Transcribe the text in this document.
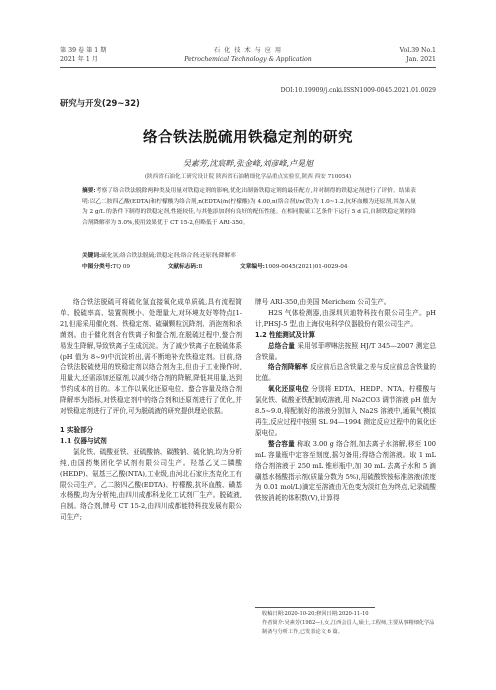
第 39 卷 第 1 期
2021 年 1 月
石 化 技 术 与 应 用
Petrochemical Technology & Application
Vol.39 No.1
Jan. 2021
DOI:10.19909/j.cnki.ISSN1009-0045.2021.01.0029
研究与开发(29~32)
络合铁法脱硫用铁稳定剂的研究
吴素芳,沈宸畔,张金峰,刘彦峰,卢晃旭
(陕西省石油化工研究设计院 陕西省石油精细化学品重点实验室,陕西 西安 710054)
摘要:考察了络合铁法脱除两种类及用量对铁稳定剂的影响,优化出制备铁稳定剂的最佳配方,并对制得的铁稳定剂进行了评价。结果表明:以乙二胺四乙酸(EDTA)和柠檬酸为络合剂,n(EDTA)/n(柠檬酸)为 4.00,n(络合剂)/n(铁)为 1.0~1.2,抗坏血酸为还原剂,其加入量为 2 g/L 的条件下制得的铁稳定剂,性能较佳,与其他添加剂有良好的配伍性能。在相同脱硫工艺条件下运行 5 d 后,自制铁稳定剂的络合剂降解率为 5.0%,使用效果优于 CT 15-2,但略低于 ARI-350。
关键词:硫化氢;络合铁法脱硫;铁稳定剂;络合剂;还原剂;降解率
中图分类号:TQ 09	文献标志码:B	文章编号:1009-0045(2021)01-0029-04

络合铁法脱硫可将硫化氢直接氧化成单质硫,具有流程简单、脱硫率高、装置规模小、处理量大,对环境友好等特点[1-2],但需采用催化剂、铁稳定剂、硫磺颗粒沉降剂、消泡剂和杀菌剂。由于催化剂含有铁离子和螯合剂,在脱硫过程中,螯合剂易发生降解,导致铁离子生成沉淀。为了减少铁离子在脱硫体系(pH 值为 8~9)中沉淀析出,需不断地补充铁稳定剂。目前,络合铁法脱硫使用的铁稳定剂以络合剂为主,但由于工业操作时,用量大,还需添加还原剂,以减少络合剂的降解,降低其用量,达到节约成本的目的。本工作以氧化还原电位、螯合容量及络合剂降解率为指标,对铁稳定剂中的络合剂和还原剂进行了优化,并对铁稳定剂进行了评价,可为脱硫液的研究提供理论依据。

1 实验部分

1.1 仪器与试剂

氯化铁、硫酸亚铁、亚硫酸钠、碳酸钠、硫化钠,均为分析纯,由国药集团化学试剂有限公司生产。羟基乙叉二膦酸(HEDP)、氨基三乙酸(NTA),工业级,由河北石家庄杰克化工有限公司生产。乙二胺四乙酸(EDTA)、柠檬酸,抗坏血酸、磺基水杨酸,均为分析纯,由四川成都科龙化工试剂厂生产。脱硫液,自制。络合剂,牌号 CT 15-2,由四川成都能特科技发展有限公司生产;

牌号 ARI-350,由美国 Merichem 公司生产。

H2S 气体检测器,由深圳贝迪特科技有限公司生产。pH 计,PHSJ-5 型,由上海仪电科学仪器股份有限公司生产。

1.2 性能测试及计算

总络合量 采用邻菲啰啉法按照 HJ/T 345—2007 测定总含铁量。

络合剂降解率 反应前后总含铁量之差与反应前总含铁量的比值。

氧化还原电位 分别将 EDTA、HEDP、NTA、柠檬酸与氯化铁、硫酸亚铁配制成溶液,用 Na2CO3 调节溶液 pH 值为 8.5~9.0,将配制好的溶液分别加入 Na2S 溶液中,通氧气模拟再生,反应过程中按照 SL 94—1994 测定反应过程中的氧化还原电位。

螯合容量 称取 3.00 g 络合剂,加去离子水溶解,移至 100 mL 容量瓶中定容至刻度,摇匀备用;得络合剂溶液。取 1 mL 络合剂溶液于 250 mL 锥形瓶中,加 30 mL 去离子水和 5 滴磺基水杨酸指示剂(质量分数为 5%),用硫酸铁铵标准溶液(浓度为 0.01 mol/L)滴定至溶液由无色变为淡红色为终点,记录硫酸铁铵消耗的体积数(V),计算得

收稿日期:2020-10-20;修回日期:2020-11-10
作者简介:吴素芳(1982—),女,江西会昌人,硕士,工程师,主要从事精细化学品制备与分析工作,已发表论文 6 篇。
